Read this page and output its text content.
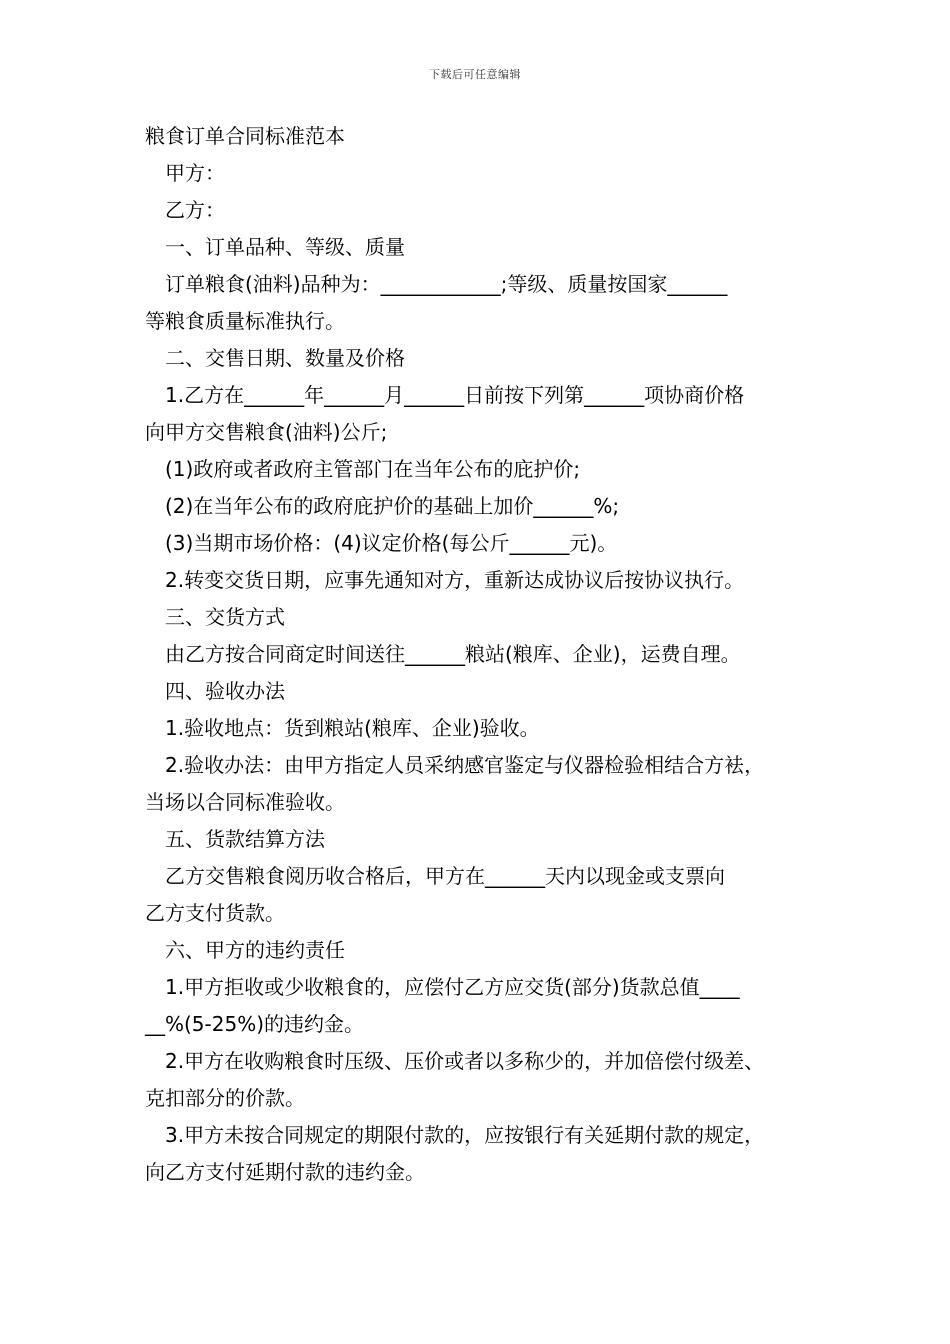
下载后可任意编辑

粮食订单合同标准范本

甲方：

乙方：

一、订单品种、等级、质量

订单粮食(油料)品种为：____________;等级、质量按国家______

等粮食质量标准执行。

二、交售日期、数量及价格

1.乙方在______年______月______日前按下列第______项协商价格

向甲方交售粮食(油料)公斤;

(1)政府或者政府主管部门在当年公布的庇护价;

(2)在当年公布的政府庇护价的基础上加价______%;

(3)当期市场价格：(4)议定价格(每公斤______元)。

2.转变交货日期，应事先通知对方，重新达成协议后按协议执行。

三、交货方式

由乙方按合同商定时间送往______粮站(粮库、企业)，运费自理。

四、验收办法

1.验收地点：货到粮站(粮库、企业)验收。

2.验收办法：由甲方指定人员采纳感官鉴定与仪器检验相结合方袪，

当场以合同标准验收。

五、货款结算方法

乙方交售粮食阅历收合格后，甲方在______天内以现金或支票向

乙方支付货款。

六、甲方的违约责任

1.甲方拒收或少收粮食的，应偿付乙方应交货(部分)货款总值____

__%(5-25%)的违约金。

2.甲方在收购粮食时压级、压价或者以多称少的，并加倍偿付级差、

克扣部分的价款。

3.甲方未按合同规定的期限付款的，应按银行有关延期付款的规定，

向乙方支付延期付款的违约金。
